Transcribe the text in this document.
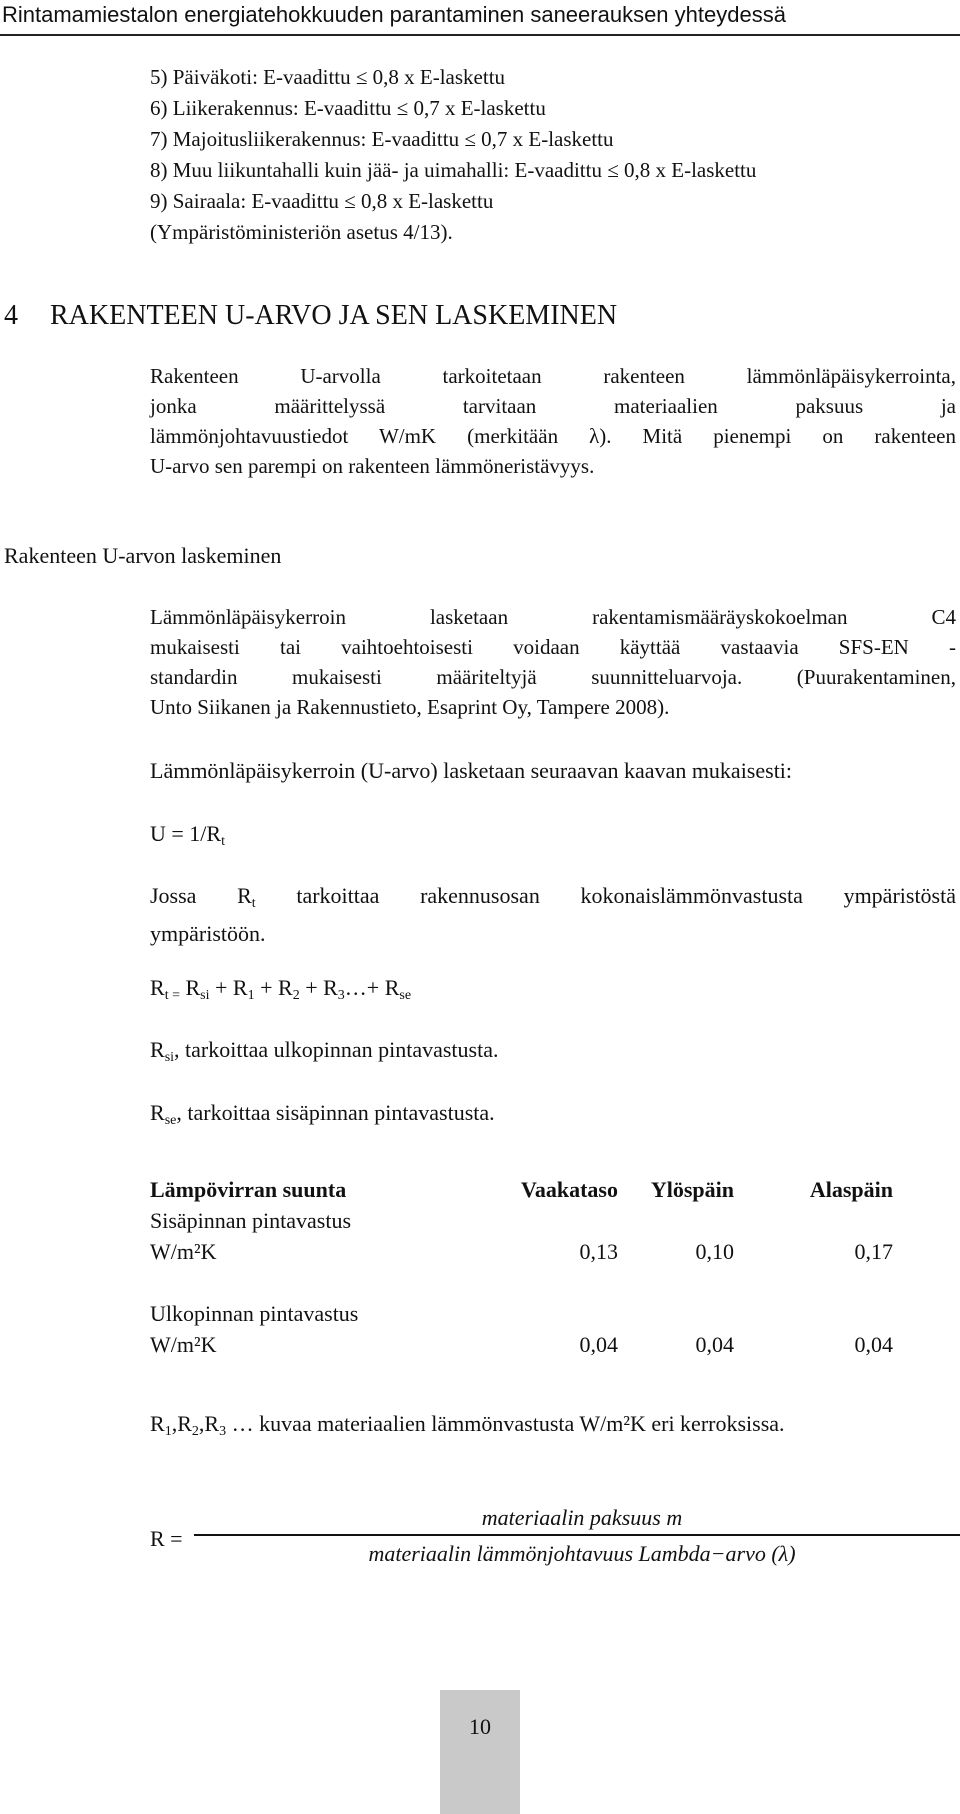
Rintamamiestalon energiatehokkuuden parantaminen saneerauksen yhteydessä
5) Päiväkoti: E-vaadittu ≤ 0,8 x E-laskettu
6) Liikerakennus: E-vaadittu ≤ 0,7 x E-laskettu
7) Majoitusliikerakennus: E-vaadittu ≤ 0,7 x E-laskettu
8) Muu liikuntahalli kuin jää- ja uimahalli: E-vaadittu ≤ 0,8 x E-laskettu
9) Sairaala: E-vaadittu ≤ 0,8 x E-laskettu
(Ympäristöministeriön asetus 4/13).
4 RAKENTEEN U-ARVO JA SEN LASKEMINEN
Rakenteen U-arvolla tarkoitetaan rakenteen lämmönläpäisykerrointa,
jonka määrittelyssä tarvitaan materiaalien paksuus ja
lämmönjohtavuustiedot W/mK (merkitään λ). Mitä pienempi on rakenteen
U-arvo sen parempi on rakenteen lämmöneristävyys.
Rakenteen U-arvon laskeminen
Lämmönläpäisykerroin lasketaan rakentamismääräyskokoelman C4
mukaisesti tai vaihtoehtoisesti voidaan käyttää vastaavia SFS-EN -
standardin mukaisesti määriteltyjä suunnitteluarvoja. (Puurakentaminen,
Unto Siikanen ja Rakennustieto, Esaprint Oy, Tampere 2008).
Lämmönläpäisykerroin (U-arvo) lasketaan seuraavan kaavan mukaisesti:
$U = 1/R_t$
Jossa $R_t$ tarkoittaa rakennusosan kokonaislämmönvastusta ympäristöstä
ympäristöön.
$R_{t =}$ $R_{si} + R_1 + R_2$ + $R_3\dots+ R_{se}$
$R_{si}$, tarkoittaa ulkopinnan pintavastusta.
$R_{se}$, tarkoittaa sisäpinnan pintavastusta.
Lämpövirran suunta	Vaakataso	Ylöspäin	Alaspäin
Sisäpinnan pintavastus			
W/m²K	0,13	0,10	0,17

Ulkopinnan pintavastus			
W/m²K	0,04	0,04	0,04
$R_1,R_2,R_3$ … kuvaa materiaalien lämmönvastusta W/m²K eri kerroksissa.
R =
materiaalin paksuus m
materiaalin lämmönjohtavuus Lambda−arvo (λ)
10
